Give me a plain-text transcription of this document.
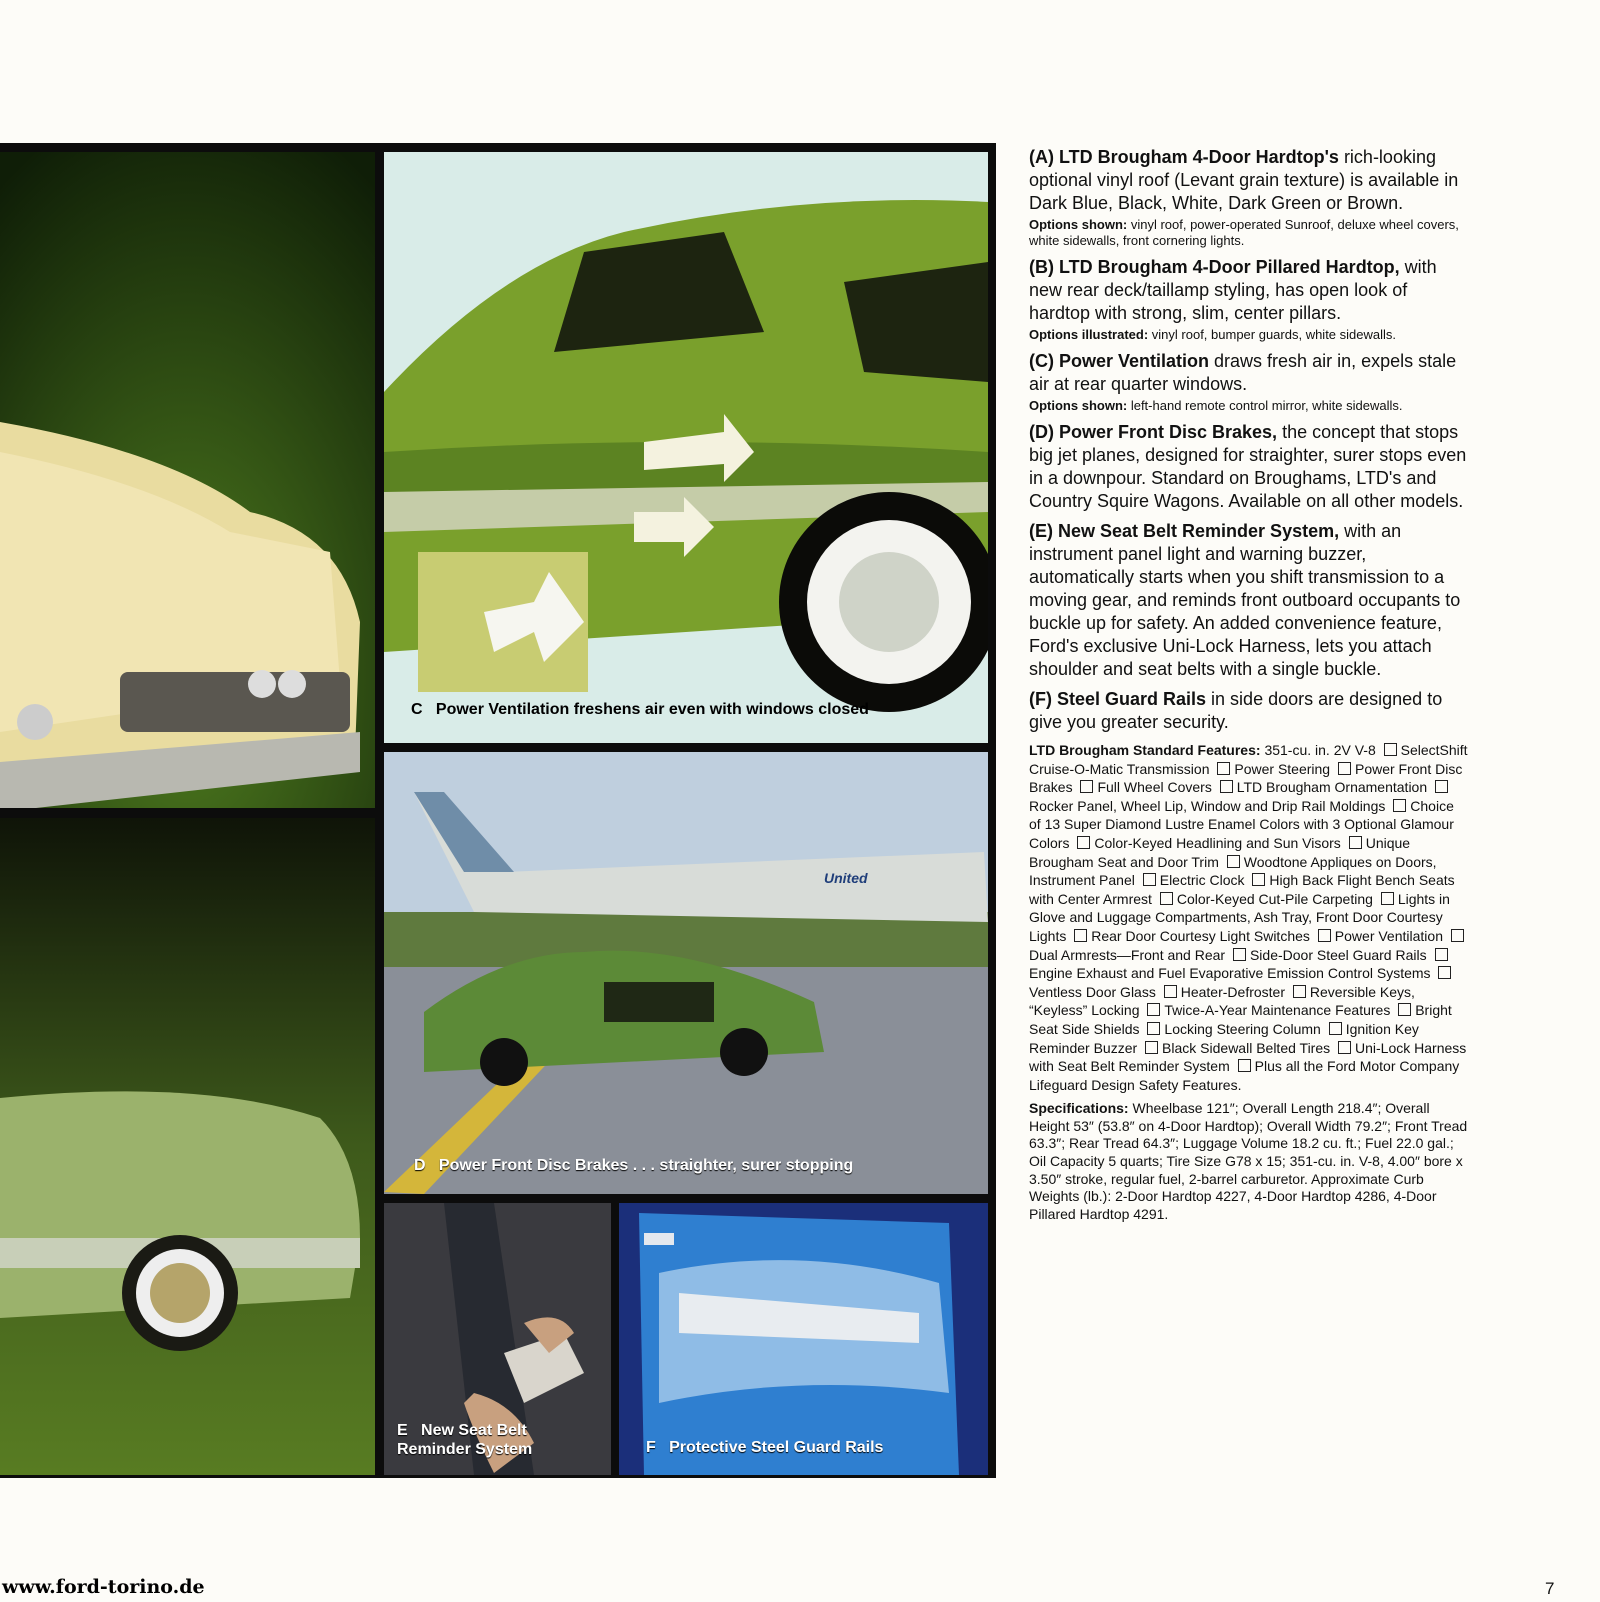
C Power Ventilation freshens air even with windows closed
United
D Power Front Disc Brakes . . . straighter, surer stopping
E New Seat Belt
Reminder System	F Protective Steel Guard Rails
(A) LTD Brougham 4-Door Hardtop's rich-looking optional vinyl roof (Levant grain texture) is available in Dark Blue, Black, White, Dark Green or Brown.
Options shown: vinyl roof, power-operated Sunroof, deluxe wheel covers, white sidewalls, front cornering lights.
(B) LTD Brougham 4-Door Pillared Hardtop, with new rear deck/taillamp styling, has open look of hardtop with strong, slim, center pillars.
Options illustrated: vinyl roof, bumper guards, white sidewalls.
(C) Power Ventilation draws fresh air in, expels stale air at rear quarter windows.
Options shown: left-hand remote control mirror, white sidewalls.
(D) Power Front Disc Brakes, the concept that stops big jet planes, designed for straighter, surer stops even in a downpour. Standard on Broughams, LTD's and Country Squire Wagons. Available on all other models.
(E) New Seat Belt Reminder System, with an instrument panel light and warning buzzer, automatically starts when you shift transmission to a moving gear, and reminds front outboard occupants to buckle up for safety. An added convenience feature, Ford's exclusive Uni-Lock Harness, lets you attach shoulder and seat belts with a single buckle.
(F) Steel Guard Rails in side doors are designed to give you greater security.
LTD Brougham Standard Features: 351-cu. in. 2V V-8 SelectShift Cruise-O-Matic Transmission Power Steering Power Front Disc Brakes Full Wheel Covers LTD Brougham Ornamentation Rocker Panel, Wheel Lip, Window and Drip Rail Moldings Choice of 13 Super Diamond Lustre Enamel Colors with 3 Optional Glamour Colors Color-Keyed Headlining and Sun Visors Unique Brougham Seat and Door Trim Woodtone Appliques on Doors, Instrument Panel Electric Clock High Back Flight Bench Seats with Center Armrest Color-Keyed Cut-Pile Carpeting Lights in Glove and Luggage Compartments, Ash Tray, Front Door Courtesy Lights Rear Door Courtesy Light Switches Power Ventilation Dual Armrests—Front and Rear Side-Door Steel Guard Rails Engine Exhaust and Fuel Evaporative Emission Control Systems Ventless Door Glass Heater-Defroster Reversible Keys, “Keyless” Locking Twice-A-Year Maintenance Features Bright Seat Side Shields Locking Steering Column Ignition Key Reminder Buzzer Black Sidewall Belted Tires Uni-Lock Harness with Seat Belt Reminder System Plus all the Ford Motor Company Lifeguard Design Safety Features.
Specifications: Wheelbase 121″; Overall Length 218.4″; Overall Height 53″ (53.8″ on 4-Door Hardtop); Overall Width 79.2″; Front Tread 63.3″; Rear Tread 64.3″; Luggage Volume 18.2 cu. ft.; Fuel 22.0 gal.; Oil Capacity 5 quarts; Tire Size G78 x 15; 351-cu. in. V-8, 4.00″ bore x 3.50″ stroke, regular fuel, 2-barrel carburetor. Approximate Curb Weights (lb.): 2-Door Hardtop 4227, 4-Door Hardtop 4286, 4-Door Pillared Hardtop 4291.
www.ford-torino.de	7
